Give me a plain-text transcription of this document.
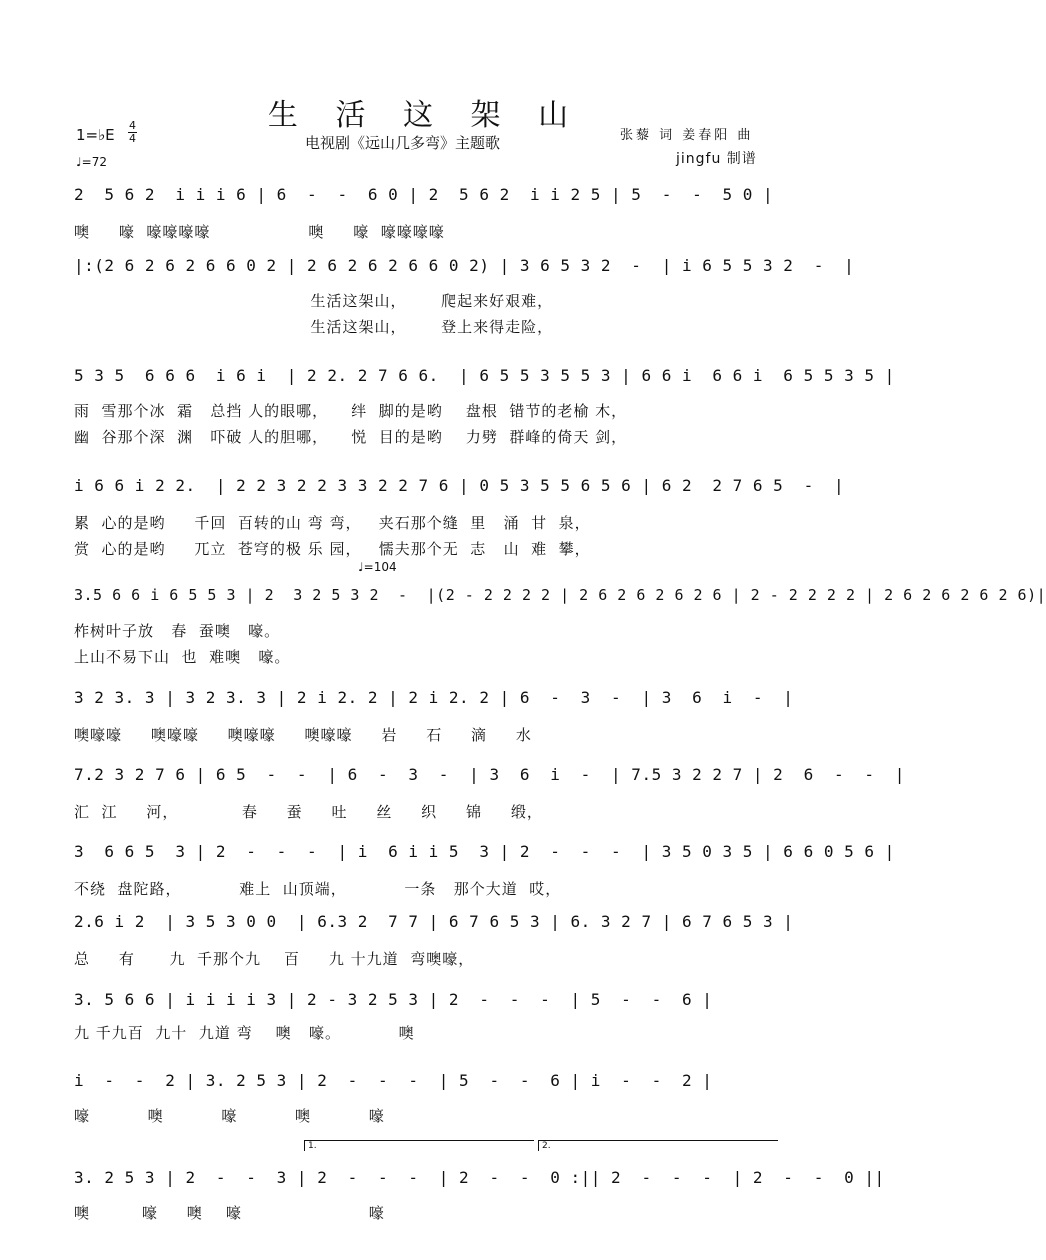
生 活 这 架 山
电视剧《远山几多弯》主题歌
1=♭E
4
4
♩=72
张藜 词 姜春阳 曲
jingfu 制谱
♩=104
2  5 6 2  i i i 6 | 6  -  -  6 0 | 2  5 6 2  i i 2 5 | 5  -  -  5 0 |
噢     嚎  嚎嚎嚎嚎                 噢     嚎  嚎嚎嚎嚎
|:(2 6 2 6 2 6 6 0 2 | 2 6 2 6 2 6 6 0 2) | 3 6 5 3 2  -  | i 6 5 5 3 2  -  |
生活这架山，      爬起来好艰难，
生活这架山，      登上来得走险，
5 3 5  6 6 6  i 6 i  | 2 2. 2 7 6 6.  | 6 5 5 3 5 5 3 | 6 6 i  6 6 i  6 5 5 3 5 |
雨  雪那个冰  霜   总挡 人的眼哪，    绊  脚的是哟    盘根  错节的老榆 木，
幽  谷那个深  渊   吓破 人的胆哪，    悦  目的是哟    力劈  群峰的倚天 剑，
i 6 6 i 2 2.  | 2 2 3 2 2 3 3 2 2 7 6 | 0 5 3 5 5 6 5 6 | 6 2  2 7 6 5  -  |
累  心的是哟     千回  百转的山 弯 弯，   夹石那个缝  里   涌  甘  泉，
赏  心的是哟     兀立  苍穹的极 乐 园，   懦夫那个无  志   山  难  攀，
3.5 6 6 i 6 5 5 3 | 2  3 2 5 3 2  -  |(2 - 2 2 2 2 | 2 6 2 6 2 6 2 6 | 2 - 2 2 2 2 | 2 6 2 6 2 6 2 6)|
柞树叶子放   春  蚕噢   嚎。
上山不易下山  也  难噢   嚎。
3 2 3. 3 | 3 2 3. 3 | 2 i 2. 2 | 2 i 2. 2 | 6  -  3  -  | 3  6  i  -  |
噢嚎嚎     噢嚎嚎     噢嚎嚎     噢嚎嚎     岩     石     滴     水
7.2 3 2 7 6 | 6 5  -  -  | 6  -  3  -  | 3  6  i  -  | 7.5 3 2 2 7 | 2  6  -  -  |
汇  江     河，           春     蚕     吐     丝     织     锦     缎，
3  6 6 5  3 | 2  -  -  -  | i  6 i i 5  3 | 2  -  -  -  | 3 5 0 3 5 | 6 6 0 5 6 |
不绕  盘陀路，          难上  山顶端，          一条   那个大道  哎，
2.6 i 2  | 3 5 3 0 0  | 6.3 2  7 7 | 6 7 6 5 3 | 6. 3 2 7 | 6 7 6 5 3 |
总     有      九  千那个九    百     九 十九道  弯噢嚎，
3. 5 6 6 | i i i i 3 | 2 - 3 2 5 3 | 2  -  -  -  | 5  -  -  6 |
九 千九百  九十  九道 弯    噢   嚎。          噢
i  -  -  2 | 3. 2 5 3 | 2  -  -  -  | 5  -  -  6 | i  -  -  2 |
嚎          噢          嚎          噢          嚎
1.	2.
3. 2 5 3 | 2  -  -  3 | 2  -  -  -  | 2  -  -  0 :|| 2  -  -  -  | 2  -  -  0 ||
噢         嚎     噢    嚎                      嚎
